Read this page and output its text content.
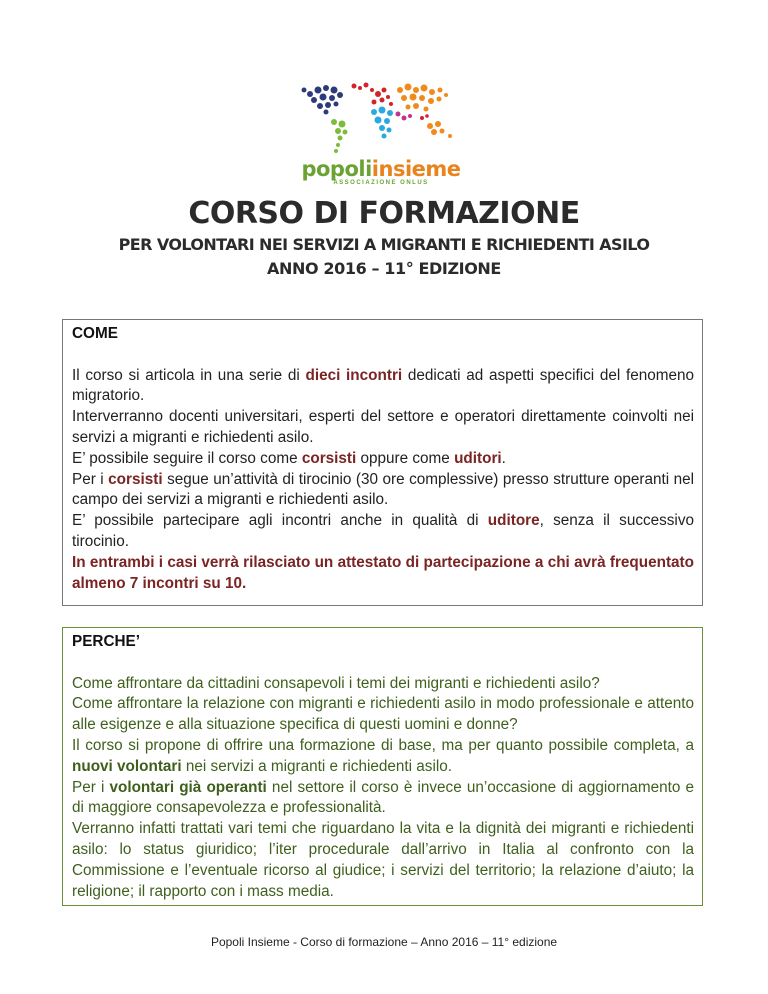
popoliinsieme
ASSOCIAZIONE ONLUS
CORSO DI FORMAZIONE
PER VOLONTARI NEI SERVIZI A MIGRANTI E RICHIEDENTI ASILO
ANNO 2016 – 11° EDIZIONE
COME

Il corso si articola in una serie di dieci incontri dedicati ad aspetti specifici del fenomeno migratorio.

Interverranno docenti universitari, esperti del settore e operatori direttamente coinvolti nei servizi a migranti e richiedenti asilo.

E’ possibile seguire il corso come corsisti oppure come uditori.

Per i corsisti segue un’attività di tirocinio (30 ore complessive) presso strutture operanti nel campo dei servizi a migranti e richiedenti asilo.

E’ possibile partecipare agli incontri anche in qualità di uditore, senza il successivo tirocinio.

In entrambi i casi verrà rilasciato un attestato di partecipazione a chi avrà frequentato almeno 7 incontri su 10.

PERCHE’

Come affrontare da cittadini consapevoli i temi dei migranti e richiedenti asilo?

Come affrontare la relazione con migranti e richiedenti asilo in modo professionale e attento alle esigenze e alla situazione specifica di questi uomini e donne?

Il corso si propone di offrire una formazione di base, ma per quanto possibile completa, a nuovi volontari nei servizi a migranti e richiedenti asilo.

Per i volontari già operanti nel settore il corso è invece un’occasione di aggiornamento e di maggiore consapevolezza e professionalità.

Verranno infatti trattati vari temi che riguardano la vita e la dignità dei migranti e richiedenti asilo: lo status giuridico; l’iter procedurale dall’arrivo in Italia al confronto con la Commissione e l’eventuale ricorso al giudice; i servizi del territorio; la relazione d’aiuto; la religione; il rapporto con i mass media.

Popoli Insieme - Corso di formazione – Anno 2016 – 11° edizione
